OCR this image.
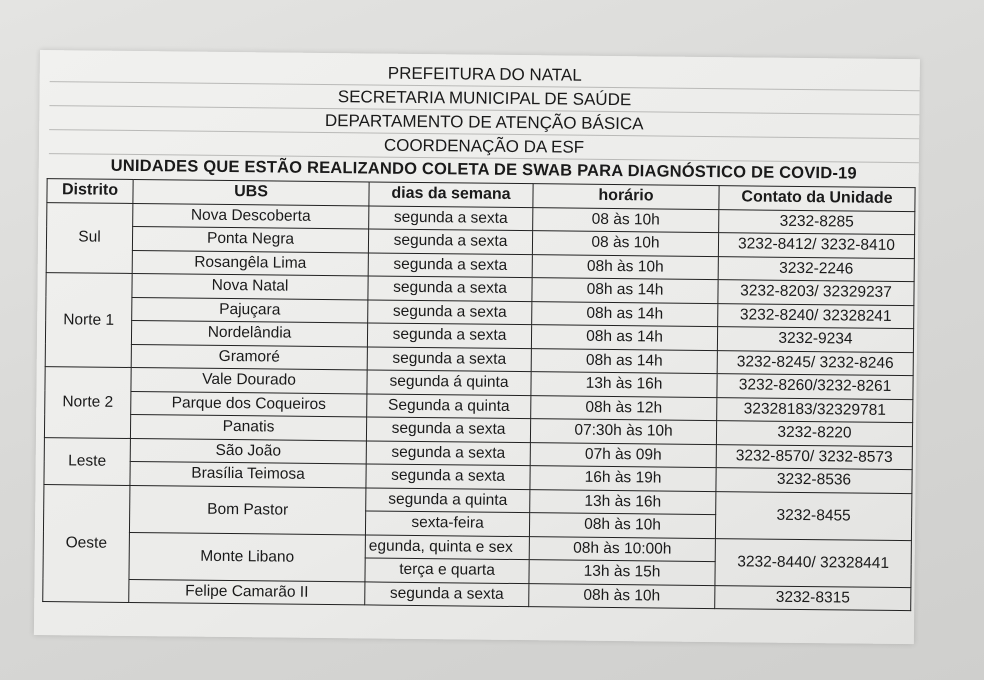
PREFEITURA DO NATAL
SECRETARIA MUNICIPAL DE SAÚDE
DEPARTAMENTO DE ATENÇÃO BÁSICA
COORDENAÇÃO DA ESF
UNIDADES QUE ESTÃO REALIZANDO COLETA DE SWAB PARA DIAGNÓSTICO DE COVID-19
Distrito	UBS	dias da semana	horário	Contato da Unidade
Sul	Nova Descoberta	segunda a sexta	08 às 10h	3232-8285
	Ponta Negra	segunda a sexta	08 às 10h	3232-8412/ 3232-8410
	Rosangêla Lima	segunda a sexta	08h às 10h	3232-2246
Norte 1	Nova Natal	segunda a sexta	08h as 14h	3232-8203/ 32329237
	Pajuçara	segunda a sexta	08h as 14h	3232-8240/ 32328241
	Nordelândia	segunda a sexta	08h as 14h	3232-9234
	Gramoré	segunda a sexta	08h as 14h	3232-8245/ 3232-8246
Norte 2	Vale Dourado	segunda á quinta	13h às 16h	3232-8260/3232-8261
	Parque dos Coqueiros	Segunda a quinta	08h às 12h	32328183/32329781
	Panatis	segunda a sexta	07:30h às 10h	3232-8220
Leste	São João	segunda a sexta	07h às 09h	3232-8570/ 3232-8573
	Brasília Teimosa	segunda a sexta	16h às 19h	3232-8536
Oeste	Bom Pastor	segunda a quinta	13h às 16h	3232-8455
		sexta-feira	08h às 10h	
	Monte Libano	egunda, quinta e sex	08h às 10:00h	3232-8440/ 32328441
		terça e quarta	13h às 15h	
	Felipe Camarão II	segunda a sexta	08h às 10h	3232-8315
